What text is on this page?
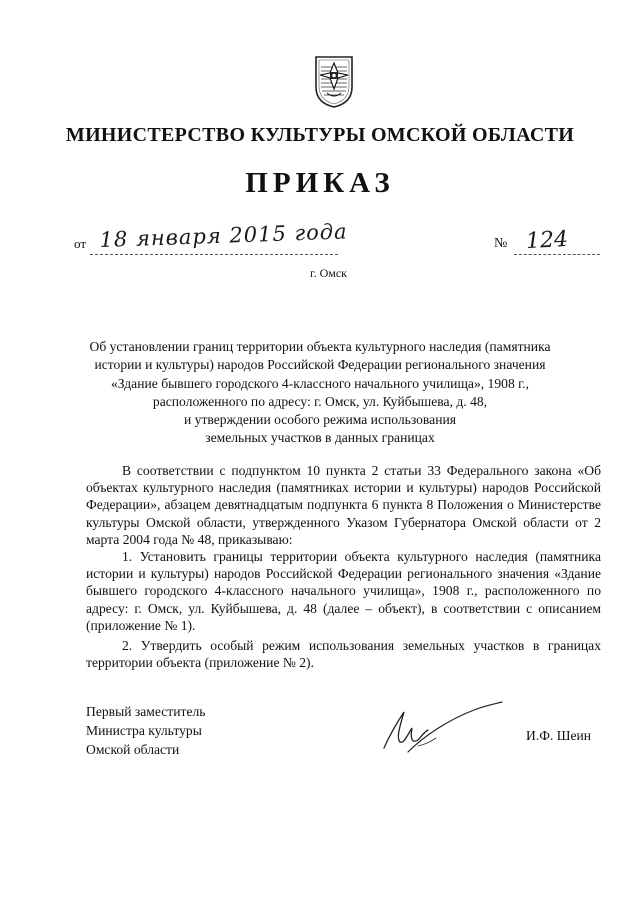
МИНИСТЕРСТВО КУЛЬТУРЫ ОМСКОЙ ОБЛАСТИ
ПРИКАЗ
от 18 января 2015 года	№ 124
г. Омск
Об установлении границ территории объекта культурного наследия (памятника
истории и культуры) народов Российской Федерации регионального значения
«Здание бывшего городского 4-классного начального училища», 1908 г.,
расположенного по адресу: г. Омск, ул. Куйбышева, д. 48,
и утверждении особого режима использования
земельных участков в данных границах

В соответствии с подпунктом 10 пункта 2 статьи 33 Федерального закона «Об объектах культурного наследия (памятниках истории и культуры) народов Российской Федерации», абзацем девятнадцатым подпункта 6 пункта 8 Положения о Министерстве культуры Омской области, утвержденного Указом Губернатора Омской области от 2 марта 2004 года № 48, приказываю:

1. Установить границы территории объекта культурного наследия (памятника истории и культуры) народов Российской Федерации регионального значения «Здание бывшего городского 4-классного начального училища», 1908 г., расположенного по адресу: г. Омск, ул. Куйбышева, д. 48 (далее – объект), в соответствии с описанием (приложение № 1).

2. Утвердить особый режим использования земельных участков в границах территории объекта (приложение № 2).

Первый заместитель
Министра культуры
Омской области
И.Ф. Шеин
